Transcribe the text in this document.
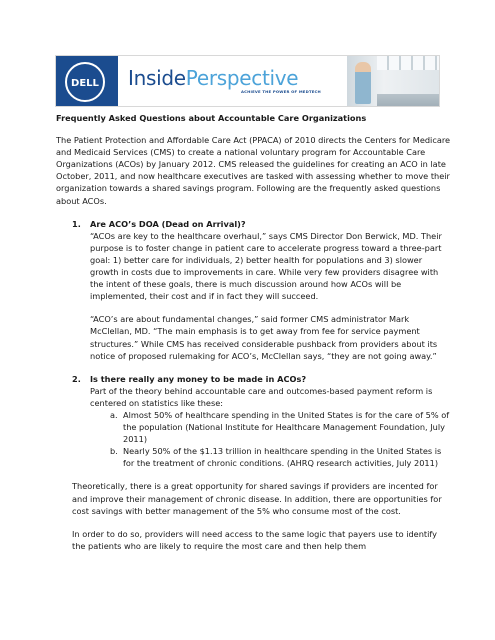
DELL InsidePerspective
ACHIEVE THE POWER OF MEDTECH
Frequently Asked Questions about Accountable Care Organizations

The Patient Protection and Affordable Care Act (PPACA) of 2010 directs the Centers for Medicare and Medicaid Services (CMS) to create a national voluntary program for Accountable Care Organizations (ACOs) by January 2012. CMS released the guidelines for creating an ACO in late October, 2011, and now healthcare executives are tasked with assessing whether to move their organization towards a shared savings program. Following are the frequently asked questions about ACOs.

1.	Are ACO’s DOA (Dead on Arrival)?

“ACOs are key to the healthcare overhaul,” says CMS Director Don Berwick, MD. Their purpose is to foster change in patient care to accelerate progress toward a three-part goal: 1) better care for individuals, 2) better health for populations and 3) slower growth in costs due to improvements in care. While very few providers disagree with the intent of these goals, there is much discussion around how ACOs will be implemented, their cost and if in fact they will succeed.

“ACO’s are about fundamental changes,” said former CMS administrator Mark McClellan, MD. “The main emphasis is to get away from fee for service payment structures.” While CMS has received considerable pushback from providers about its notice of proposed rulemaking for ACO’s, McClellan says, “they are not going away.”

2.	Is there really any money to be made in ACOs?
Part of the theory behind accountable care and outcomes-based payment reform is centered on statistics like these:
a. Almost 50% of healthcare spending in the United States is for the care of 5% of the population (National Institute for Healthcare Management Foundation, July 2011)
b. Nearly 50% of the $1.13 trillion in healthcare spending in the United States is for the treatment of chronic conditions. (AHRQ research activities, July 2011)

Theoretically, there is a great opportunity for shared savings if providers are incented for and improve their management of chronic disease. In addition, there are opportunities for cost savings with better management of the 5% who consume most of the cost.

In order to do so, providers will need access to the same logic that payers use to identify the patients who are likely to require the most care and then help them
